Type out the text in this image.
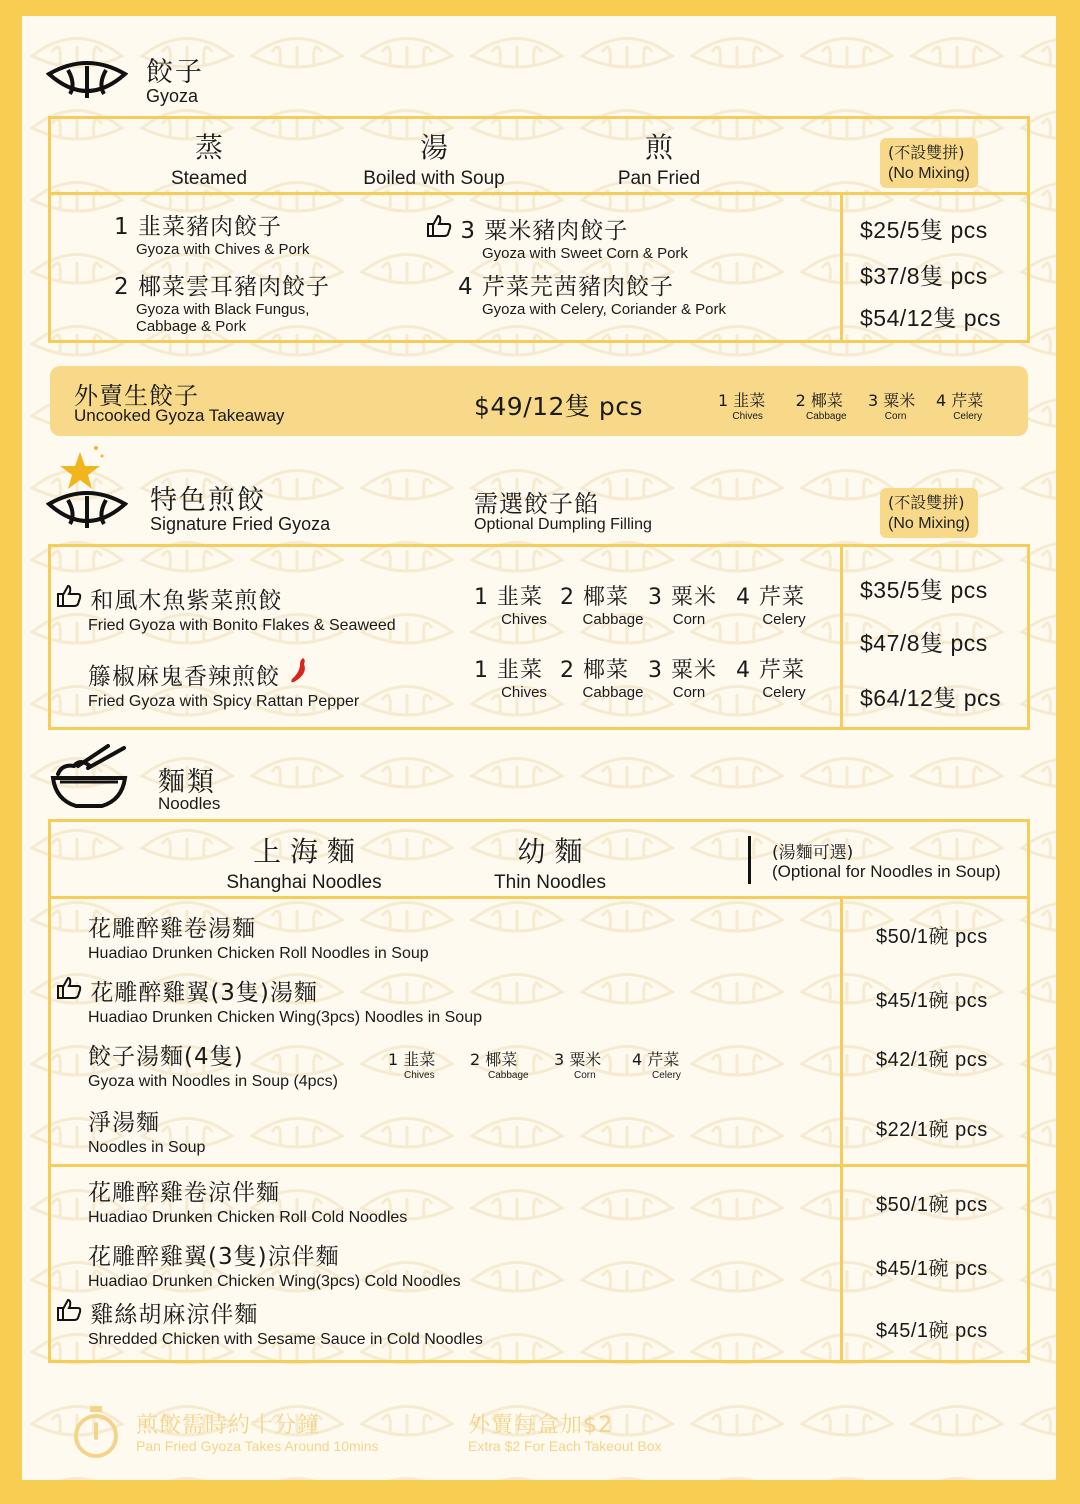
餃子
Gyoza
蒸
Steamed
湯
Boiled with Soup
煎
Pan Fried
(不設雙拼)
(No Mixing)
1 韭菜豬肉餃子
Gyoza with Chives & Pork
2 椰菜雲耳豬肉餃子
Gyoza with Black Fungus,
Cabbage & Pork
3 粟米豬肉餃子
Gyoza with Sweet Corn & Pork
4 芹菜芫茜豬肉餃子
Gyoza with Celery, Coriander & Pork
$25/5隻 pcs
$37/8隻 pcs
$54/12隻 pcs
外賣生餃子
Uncooked Gyoza Takeaway	$49/12隻 pcs	1 韭菜
Chives
2 椰菜
Cabbage
3 粟米
Corn
4 芹菜
Celery
特色煎餃
Signature Fried Gyoza
需選餃子餡
Optional Dumpling Filling
(不設雙拼)
(No Mixing)
和風木魚紫菜煎餃
Fried Gyoza with Bonito Flakes & Seaweed
籐椒麻鬼香辣煎餃
Fried Gyoza with Spicy Rattan Pepper
1 韭菜
Chives
2 椰菜
Cabbage
3 粟米
Corn
4 芹菜
Celery
1 韭菜
Chives
2 椰菜
Cabbage
3 粟米
Corn
4 芹菜
Celery
$35/5隻 pcs
$47/8隻 pcs
$64/12隻 pcs
麵類
Noodles
上 海 麵
Shanghai Noodles
幼 麵
Thin Noodles
(湯麵可選)
(Optional for Noodles in Soup)
花雕醉雞卷湯麵
Huadiao Drunken Chicken Roll Noodles in Soup
花雕醉雞翼(3隻)湯麵
Huadiao Drunken Chicken Wing(3pcs) Noodles in Soup
餃子湯麵(4隻)
Gyoza with Noodles in Soup (4pcs)
淨湯麵
Noodles in Soup
1 韭菜
Chives
2 椰菜
Cabbage
3 粟米
Corn
4 芹菜
Celery
$50/1碗 pcs
$45/1碗 pcs
$42/1碗 pcs
$22/1碗 pcs
花雕醉雞卷涼伴麵
Huadiao Drunken Chicken Roll Cold Noodles
花雕醉雞翼(3隻)涼伴麵
Huadiao Drunken Chicken Wing(3pcs) Cold Noodles
雞絲胡麻涼伴麵
Shredded Chicken with Sesame Sauce in Cold Noodles
$50/1碗 pcs
$45/1碗 pcs
$45/1碗 pcs
煎餃需時約十分鐘
Pan Fried Gyoza Takes Around 10mins
外賣每盒加$2
Extra $2 For Each Takeout Box
